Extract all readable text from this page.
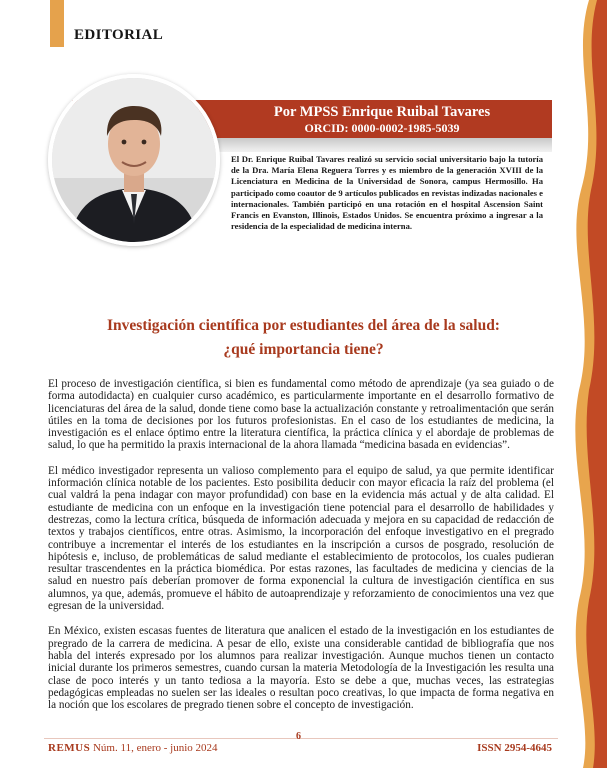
EDITORIAL
Por MPSS Enrique Ruibal Tavares
ORCID: 0000-0002-1985-5039

El Dr. Enrique Ruibal Tavares realizó su servicio social universitario bajo la tutoría de la Dra. María Elena Reguera Torres y es miembro de la generación XVIII de la Licenciatura en Medicina de la Universidad de Sonora, campus Hermosillo. Ha participado como coautor de 9 artículos publicados en revistas indizadas nacionales e internacionales. También participó en una rotación en el hospital Ascension Saint Francis en Evanston, Illinois, Estados Unidos. Se encuentra próximo a ingresar a la residencia de la especialidad de medicina interna.

Investigación científica por estudiantes del área de la salud:
¿qué importancia tiene?

El proceso de investigación científica, si bien es fundamental como método de aprendizaje (ya sea guiado o de forma autodidacta) en cualquier curso académico, es particularmente importante en el desarrollo formativo de licenciaturas del área de la salud, donde tiene como base la actualización constante y retroalimentación que serán útiles en la toma de decisiones por los futuros profesionistas. En el caso de los estudiantes de medicina, la investigación es el enlace óptimo entre la literatura científica, la práctica clínica y el abordaje de problemas de salud, lo que ha permitido la praxis internacional de la ahora llamada “medicina basada en evidencias”.

El médico investigador representa un valioso complemento para el equipo de salud, ya que permite identificar información clínica notable de los pacientes. Esto posibilita deducir con mayor eficacia la raíz del problema (el cual valdrá la pena indagar con mayor profundidad) con base en la evidencia más actual y de alta calidad. El estudiante de medicina con un enfoque en la investigación tiene potencial para el desarrollo de habilidades y destrezas, como la lectura crítica, búsqueda de información adecuada y mejora en su capacidad de redacción de textos y trabajos científicos, entre otras. Asimismo, la incorporación del enfoque investigativo en el pregrado contribuye a incrementar el interés de los estudiantes en la inscripción a cursos de posgrado, resolución de hipótesis e, incluso, de problemáticas de salud mediante el establecimiento de protocolos, los cuales pudieran resultar trascendentes en la práctica biomédica. Por estas razones, las facultades de medicina y ciencias de la salud en nuestro país deberían promover de forma exponencial la cultura de investigación científica en sus alumnos, ya que, además, promueve el hábito de autoaprendizaje y reforzamiento de conocimientos una vez que egresan de la universidad.

En México, existen escasas fuentes de literatura que analicen el estado de la investigación en los estudiantes de pregrado de la carrera de medicina. A pesar de ello, existe una considerable cantidad de bibliografía que nos habla del interés expresado por los alumnos para realizar investigación. Aunque muchos tienen un contacto inicial durante los primeros semestres, cuando cursan la materia Metodología de la Investigación les resulta una clase de poco interés y un tanto tediosa a la mayoría. Esto se debe a que, muchas veces, las estrategias pedagógicas empleadas no suelen ser las ideales o resultan poco creativas, lo que impacta de forma negativa en la noción que los escolares de pregrado tienen sobre el concepto de investigación.

REMUS Núm. 11, enero - junio 2024
6
ISSN 2954-4645
